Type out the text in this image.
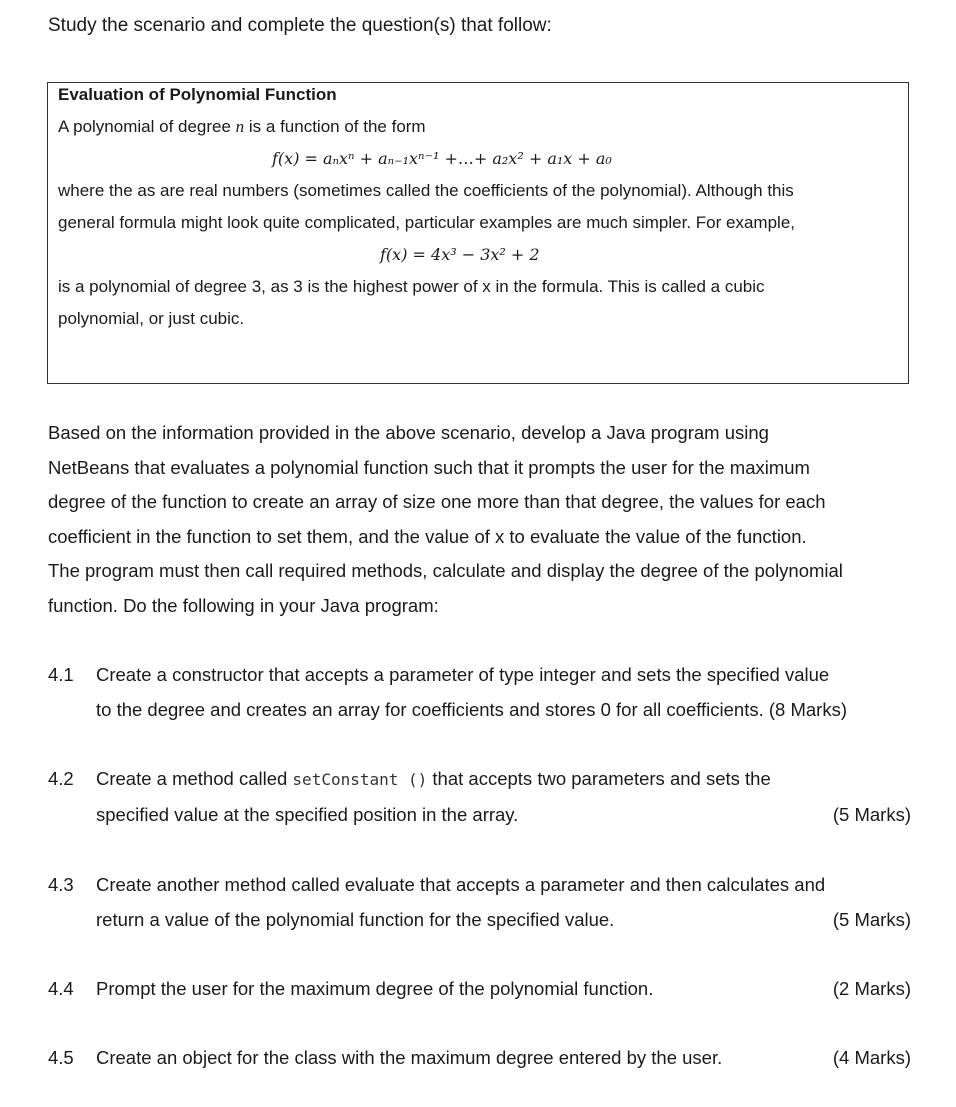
Study the scenario and complete the question(s) that follow:
Evaluation of Polynomial Function
A polynomial of degree n is a function of the form
f(x) = aₙxⁿ + aₙ₋₁xⁿ⁻¹ +…+ a₂x² + a₁x + a₀
where the as are real numbers (sometimes called the coefficients of the polynomial). Although this
general formula might look quite complicated, particular examples are much simpler. For example,
f(x) = 4x³ − 3x² + 2
is a polynomial of degree 3, as 3 is the highest power of x in the formula. This is called a cubic
polynomial, or just cubic.
Based on the information provided in the above scenario, develop a Java program using
NetBeans that evaluates a polynomial function such that it prompts the user for the maximum
degree of the function to create an array of size one more than that degree, the values for each
coefficient in the function to set them, and the value of x to evaluate the value of the function.
The program must then call required methods, calculate and display the degree of the polynomial
function. Do the following in your Java program:
4.1 Create a constructor that accepts a parameter of type integer and sets the specified value
to the degree and creates an array for coefficients and stores 0 for all coefficients. (8 Marks)
4.2 Create a method called setConstant () that accepts two parameters and sets the
specified value at the specified position in the array.	(5 Marks)
4.3 Create another method called evaluate that accepts a parameter and then calculates and
return a value of the polynomial function for the specified value.	(5 Marks)
4.4 Prompt the user for the maximum degree of the polynomial function.	(2 Marks)
4.5 Create an object for the class with the maximum degree entered by the user.	(4 Marks)
